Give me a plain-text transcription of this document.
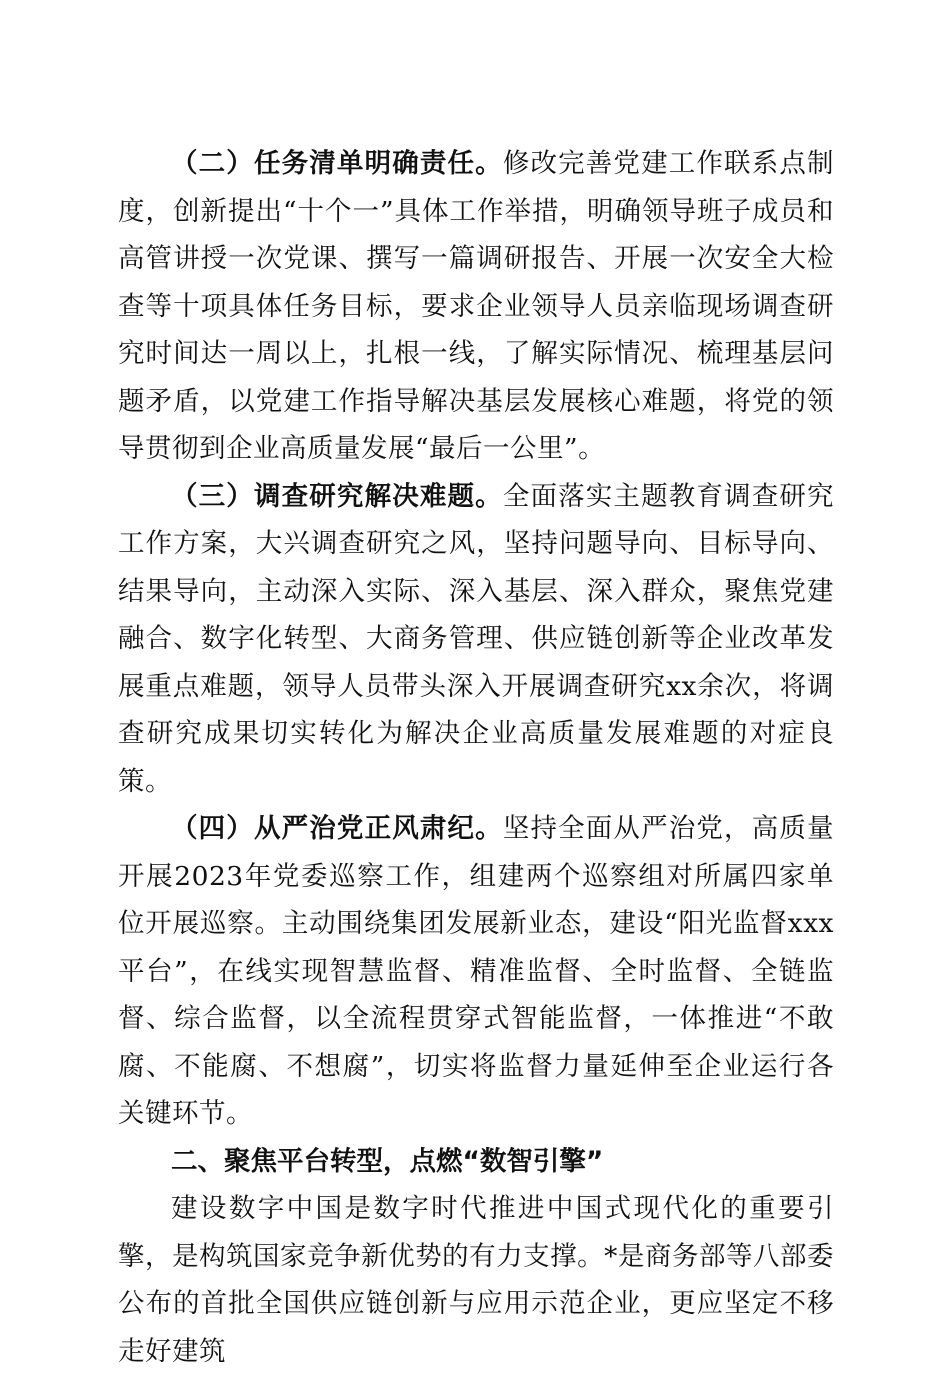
（二）任务清单明确责任。修改完善党建工作联系点制度，创新提出“十个一”具体工作举措，明确领导班子成员和高管讲授一次党课、撰写一篇调研报告、开展一次安全大检查等十项具体任务目标，要求企业领导人员亲临现场调查研究时间达一周以上，扎根一线，了解实际情况、梳理基层问题矛盾，以党建工作指导解决基层发展核心难题，将党的领导贯彻到企业高质量发展“最后一公里”。

（三）调查研究解决难题。全面落实主题教育调查研究工作方案，大兴调查研究之风，坚持问题导向、目标导向、结果导向，主动深入实际、深入基层、深入群众，聚焦党建融合、数字化转型、大商务管理、供应链创新等企业改革发展重点难题，领导人员带头深入开展调查研究xx余次，将调查研究成果切实转化为解决企业高质量发展难题的对症良策。

（四）从严治党正风肃纪。坚持全面从严治党，高质量开展2023年党委巡察工作，组建两个巡察组对所属四家单位开展巡察。主动围绕集团发展新业态，建设“阳光监督xxx平台”，在线实现智慧监督、精准监督、全时监督、全链监督、综合监督，以全流程贯穿式智能监督，一体推进“不敢腐、不能腐、不想腐”，切实将监督力量延伸至企业运行各关键环节。

二、聚焦平台转型，点燃“数智引擎”

建设数字中国是数字时代推进中国式现代化的重要引擎，是构筑国家竞争新优势的有力支撑。*是商务部等八部委公布的首批全国供应链创新与应用示范企业，更应坚定不移走好建筑
